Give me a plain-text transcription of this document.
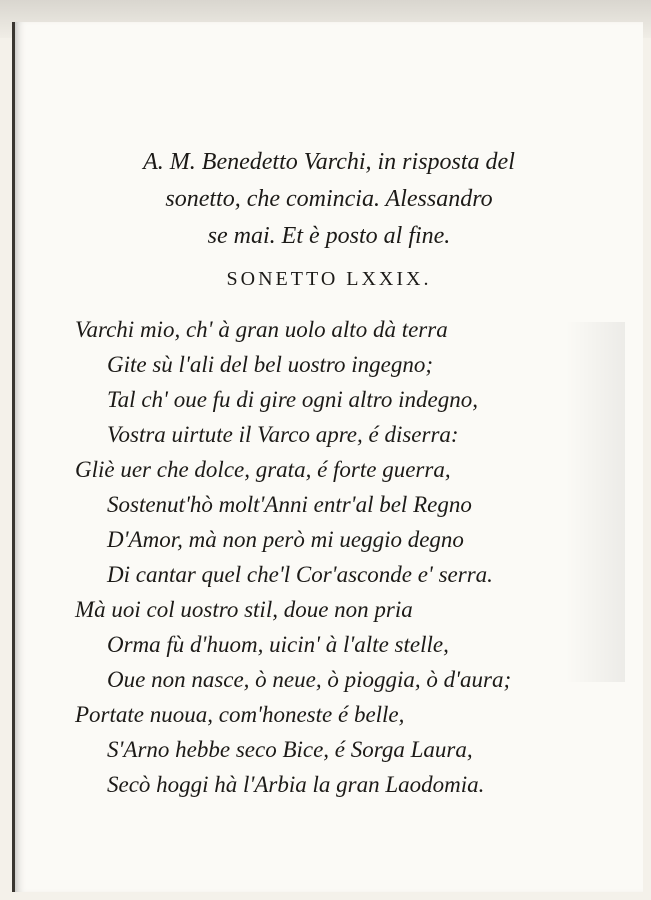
A. M. Benedetto Varchi, in risposta del
sonetto, che comincia. Alessandro
se mai. Et è posto al fine.
SONETTO LXXIX.
Varchi mio, ch' à gran uolo alto dà terra
Gite sù l'ali del bel uostro ingegno;
Tal ch' oue fu di gire ogni altro indegno,
Vostra uirtute il Varco apre, é diserra:
Gliè uer che dolce, grata, é forte guerra,
Sostenut'hò molt'Anni entr'al bel Regno
D'Amor, mà non però mi ueggio degno
Di cantar quel che'l Cor'asconde e' serra.
Mà uoi col uostro stil, doue non pria
Orma fù d'huom, uicin' à l'alte stelle,
Oue non nasce, ò neue, ò pioggia, ò d'aura;
Portate nuoua, com'honeste é belle,
S'Arno hebbe seco Bice, é Sorga Laura,
Secò hoggi hà l'Arbia la gran Laodomia.
